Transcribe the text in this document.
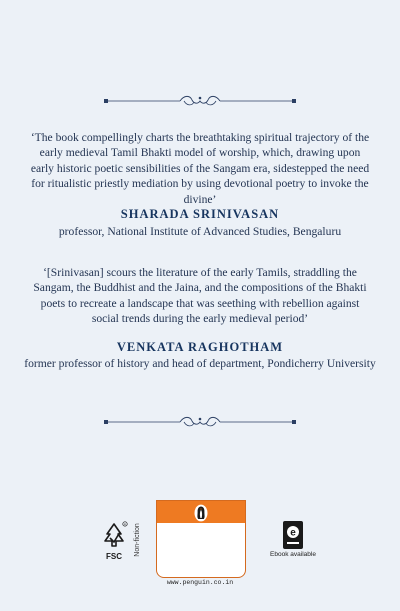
‘The book compellingly charts the breathtaking spiritual trajectory of the early medieval Tamil Bhakti model of worship, which, drawing upon early historic poetic sensibilities of the Sangam era, sidestepped the need for ritualistic priestly mediation by using devotional poetry to invoke the divine’
SHARADA SRINIVASAN
professor, National Institute of Advanced Studies, Bengaluru
‘[Srinivasan] scours the literature of the early Tamils, straddling the Sangam, the Buddhist and the Jaina, and the compositions of the Bhakti poets to recreate a landscape that was seething with rebellion against social trends during the early medieval period’
VENKATA RAGHOTHAM
former professor of history and head of department, Pondicherry University
R
FSC	Non-fiction
www.penguin.co.in
e
Ebook available
